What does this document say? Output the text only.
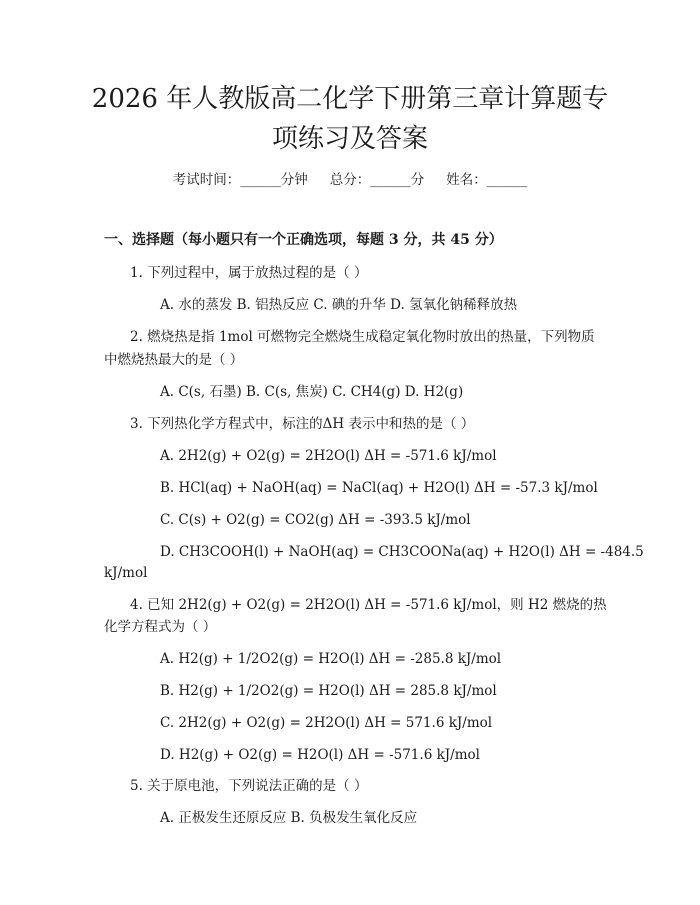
2026 年人教版高二化学下册第三章计算题专
项练习及答案
考试时间：______分钟 总分：______分 姓名：______
一、选择题（每小题只有一个正确选项，每题 3 分，共 45 分）
1. 下列过程中，属于放热过程的是（ ）
A. 水的蒸发 B. 铝热反应 C. 碘的升华 D. 氢氧化钠稀释放热
2. 燃烧热是指 1mol 可燃物完全燃烧生成稳定氧化物时放出的热量，下列物质
中燃烧热最大的是（ ）
A. C(s, 石墨) B. C(s, 焦炭) C. CH4(g) D. H2(g)
3. 下列热化学方程式中，标注的ΔH 表示中和热的是（ ）
A. 2H2(g) + O2(g) = 2H2O(l) ΔH = -571.6 kJ/mol
B. HCl(aq) + NaOH(aq) = NaCl(aq) + H2O(l) ΔH = -57.3 kJ/mol
C. C(s) + O2(g) = CO2(g) ΔH = -393.5 kJ/mol
D. CH3COOH(l) + NaOH(aq) = CH3COONa(aq) + H2O(l) ΔH = -484.5
kJ/mol
4. 已知 2H2(g) + O2(g) = 2H2O(l) ΔH = -571.6 kJ/mol，则 H2 燃烧的热
化学方程式为（ ）
A. H2(g) + 1/2O2(g) = H2O(l) ΔH = -285.8 kJ/mol
B. H2(g) + 1/2O2(g) = H2O(l) ΔH = 285.8 kJ/mol
C. 2H2(g) + O2(g) = 2H2O(l) ΔH = 571.6 kJ/mol
D. H2(g) + O2(g) = H2O(l) ΔH = -571.6 kJ/mol
5. 关于原电池，下列说法正确的是（ ）
A. 正极发生还原反应 B. 负极发生氧化反应
